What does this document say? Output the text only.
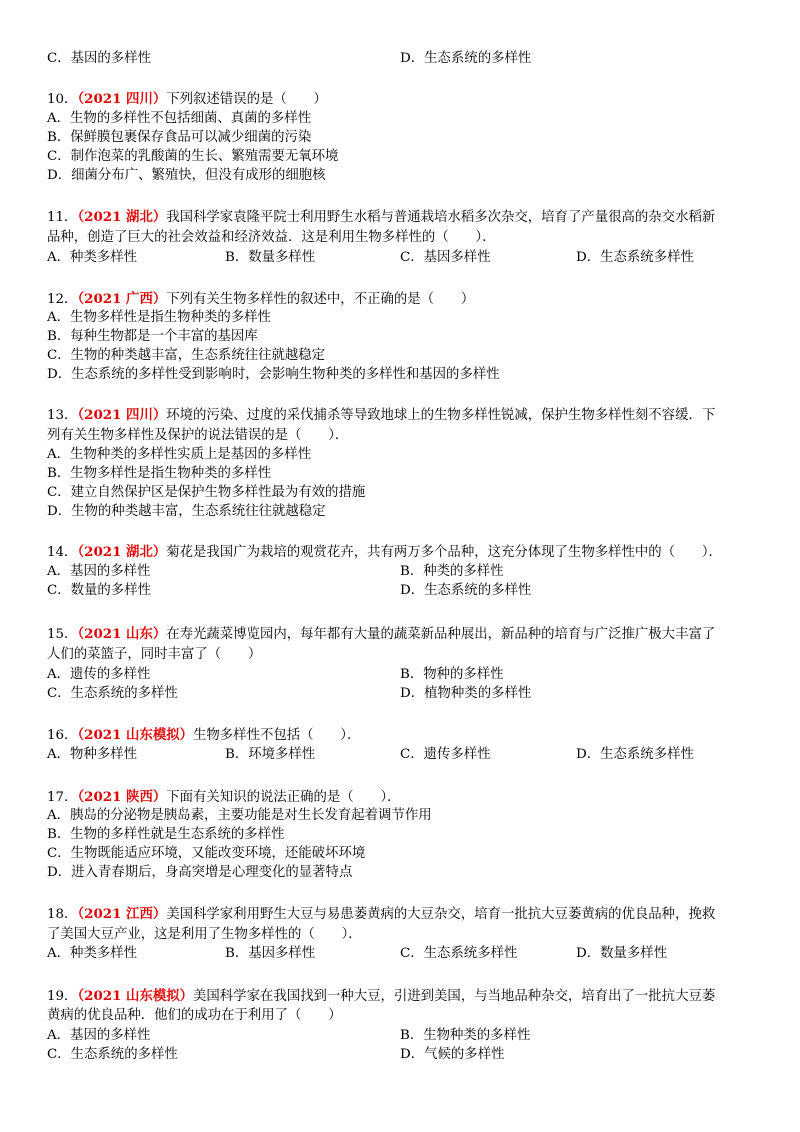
C．基因的多样性	D．生态系统的多样性
10．（2021 四川）下列叙述错误的是（　　）
A．生物的多样性不包括细菌、真菌的多样性
B．保鲜膜包裹保存食品可以减少细菌的污染
C．制作泡菜的乳酸菌的生长、繁殖需要无氧环境
D．细菌分布广、繁殖快，但没有成形的细胞核
11．（2021 湖北）我国科学家袁隆平院士利用野生水稻与普通栽培水稻多次杂交，培育了产量很高的杂交水稻新
品种，创造了巨大的社会效益和经济效益．这是利用生物多样性的（　　）．
A．种类多样性	B．数量多样性	C．基因多样性	D．生态系统多样性
12．（2021 广西）下列有关生物多样性的叙述中，不正确的是（　　）
A．生物多样性是指生物种类的多样性
B．每种生物都是一个丰富的基因库
C．生物的种类越丰富，生态系统往往就越稳定
D．生态系统的多样性受到影响时，会影响生物种类的多样性和基因的多样性
13．（2021 四川）环境的污染、过度的采伐捕杀等导致地球上的生物多样性锐减，保护生物多样性刻不容缓．下
列有关生物多样性及保护的说法错误的是（　　）．
A．生物种类的多样性实质上是基因的多样性
B．生物多样性是指生物种类的多样性
C．建立自然保护区是保护生物多样性最为有效的措施
D．生物的种类越丰富，生态系统往往就越稳定
14．（2021 湖北）菊花是我国广为栽培的观赏花卉，共有两万多个品种，这充分体现了生物多样性中的（　　）．
A．基因的多样性	B．种类的多样性
C．数量的多样性	D．生态系统的多样性
15．（2021 山东）在寿光蔬菜博览园内，每年都有大量的蔬菜新品种展出，新品种的培育与广泛推广极大丰富了
人们的菜篮子，同时丰富了（　　）
A．遗传的多样性	B．物种的多样性
C．生态系统的多样性	D．植物种类的多样性
16．（2021 山东模拟）生物多样性不包括（　　）．
A．物种多样性	B．环境多样性	C．遗传多样性	D．生态系统多样性
17．（2021 陕西）下面有关知识的说法正确的是（　　）．
A．胰岛的分泌物是胰岛素，主要功能是对生长发育起着调节作用
B．生物的多样性就是生态系统的多样性
C．生物既能适应环境，又能改变环境，还能破坏环境
D．进入青春期后，身高突增是心理变化的显著特点
18．（2021 江西）美国科学家利用野生大豆与易患萎黄病的大豆杂交，培育一批抗大豆萎黄病的优良品种，挽救
了美国大豆产业，这是利用了生物多样性的（　　）．
A．种类多样性	B．基因多样性	C．生态系统多样性	D．数量多样性
19．（2021 山东模拟）美国科学家在我国找到一种大豆，引进到美国，与当地品种杂交，培育出了一批抗大豆萎
黄病的优良品种．他们的成功在于利用了（　　）
A．基因的多样性	B．生物种类的多样性
C．生态系统的多样性	D．气候的多样性
